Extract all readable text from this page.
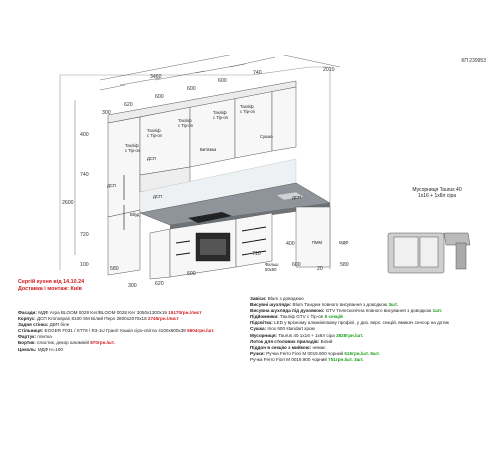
КП 239953
3460
2010
740
600
600
600
620
300
400
740
2600
720
100
300	620
600
710
600
20
400
580
580
Фальш
50х50
Тахліф
с Tip-on
Тахліф
с Tip-on
Тахліф
с Tip-on
Тахліф
с Tip-on
Тахліф
с Tip-on	Витяжка
Сушка
ДСП
ДСП
ДСП	ДСП
ПММ	МДФ
Вбуд.
Мусорниця Taurus 40
1х16 + 1х8л сіра
Сергій кухня від 14.10.24
Доставка і монтаж: Київ
Фасади: МДФ Агра BLOOM 0028 Kег/BLOOM 0028 Kег 3050х1300х19 15170грн./лист
Корпус: ДСП Kronospan 8100 SM Білий Перл 2800х2070х18 2745грн./лист
Задня стінка: ДВП біле
Стільниця: EGGER F031 / ST78 / R3-1U Граніт Кашія сіро-світла 4100х600х38 5604грн./шт.
Фартук: плитка
Бортик: пластик, декор алюміній 870грн./шт.
Цоколь: МДФ H=100
Завіси: Blum з доводкою
Висувні шухляди: Blum Тандем повного висування з доводкою 3шт.
Висувна шухляда під духовкою: GTV Телескопічна повного висування з доводкою 1шт.
Підйомники: Тахліф GTV с Tip-on 5 секцій
Підсвітка: LED у врізному алюмінієвому профілі, у диз. верх. секцій, вмикач сенсор на дотик
Сушка: Inox 600 standart хром
Мусорниця: Taurus 40 1х16 + 1х8л сіра 2828грн./шт.
Лоток для столових приладів: Білий
Піддон в секцію з мийкою: немає
Ручки: Ручка Ferro Fiori M 0019.600 чорний 516грн./шт. 6шт.
Ручка Ferro Fiori M 0019.900 чорний 751грн./шт. 3шт.
